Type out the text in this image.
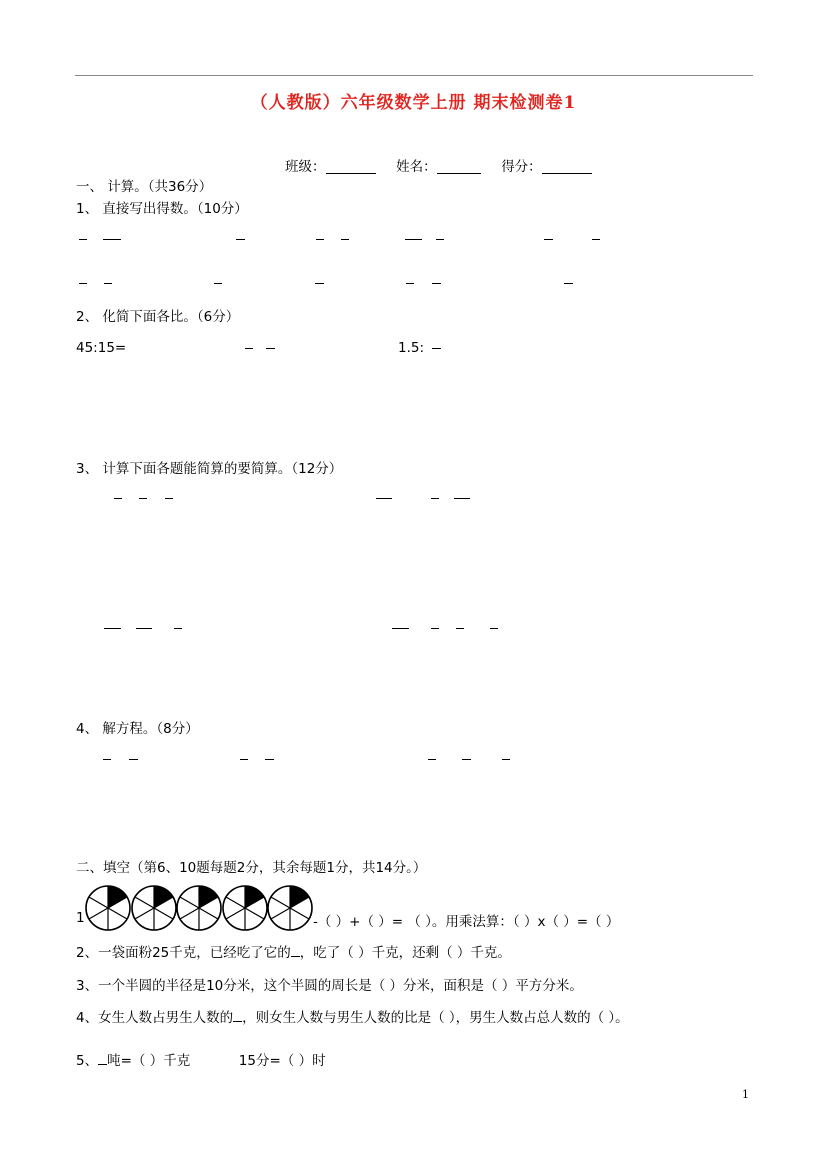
（人教版）六年级数学上册 期末检测卷1
班级：	姓名：	得分：
一、 计算。（共36分）
1、 直接写出得数。（10分）
2、 化简下面各比。（6分）
45:15=	1.5:
3、 计算下面各题能简算的要简算。（12分）
4、 解方程。（8分）
二、填空（第6、10题每题2分，其余每题1分，共14分。）
1	-（ ）+（ ）= （ ）。用乘法算：（ ）x（ ）=（ ）
2、一袋面粉25千克，已经吃了它的 ，吃了（ ）千克，还剩（ ）千克。
3、一个半圆的半径是10分米，这个半圆的周长是（ ）分米，面积是（ ）平方分米。
4、女生人数占男生人数的 ，则女生人数与男生人数的比是（ ），男生人数占总人数的（ ）。
5、 吨=（ ）千克	15分=（ ）时
1
